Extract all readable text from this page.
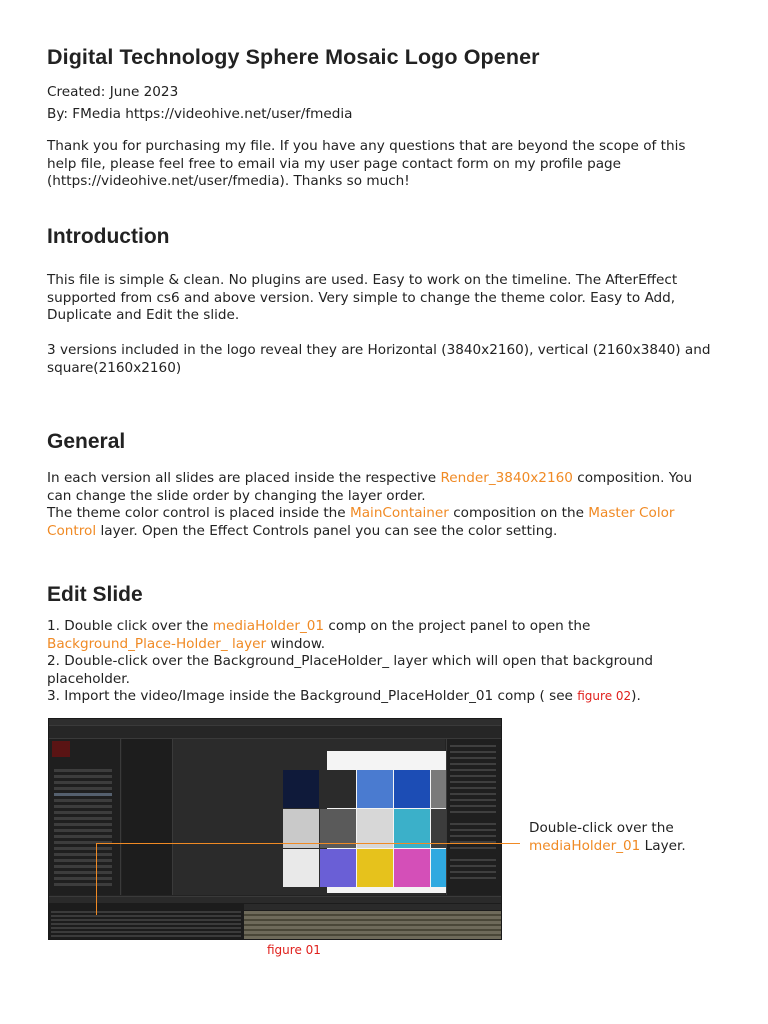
Digital Technology Sphere Mosaic Logo Opener

Created: June 2023

By: FMedia https://videohive.net/user/fmedia

Thank you for purchasing my file. If you have any questions that are beyond the scope of this help file, please feel free to email via my user page contact form on my profile page (https://videohive.net/user/fmedia). Thanks so much!

Introduction

This file is simple & clean. No plugins are used. Easy to work on the timeline. The AfterEffect supported from cs6 and above version. Very simple to change the theme color. Easy to Add, Duplicate and Edit the slide.

3 versions included in the logo reveal they are Horizontal (3840x2160), vertical (2160x3840) and square(2160x2160)

General

In each version all slides are placed inside the respective Render_3840x2160 composition. You can change the slide order by changing the layer order.
The theme color control is placed inside the MainContainer composition on the Master Color Control layer. Open the Effect Controls panel you can see the color setting.

Edit Slide

1. Double click over the mediaHolder_01 comp on the project panel to open the Background_Place-Holder_ layer window.

2. Double-click over the Background_PlaceHolder_ layer which will open that background placeholder.

3. Import the video/Image inside the Background_PlaceHolder_01 comp ( see figure 02).

Double-click over the
mediaHolder_01 Layer.

figure 01
